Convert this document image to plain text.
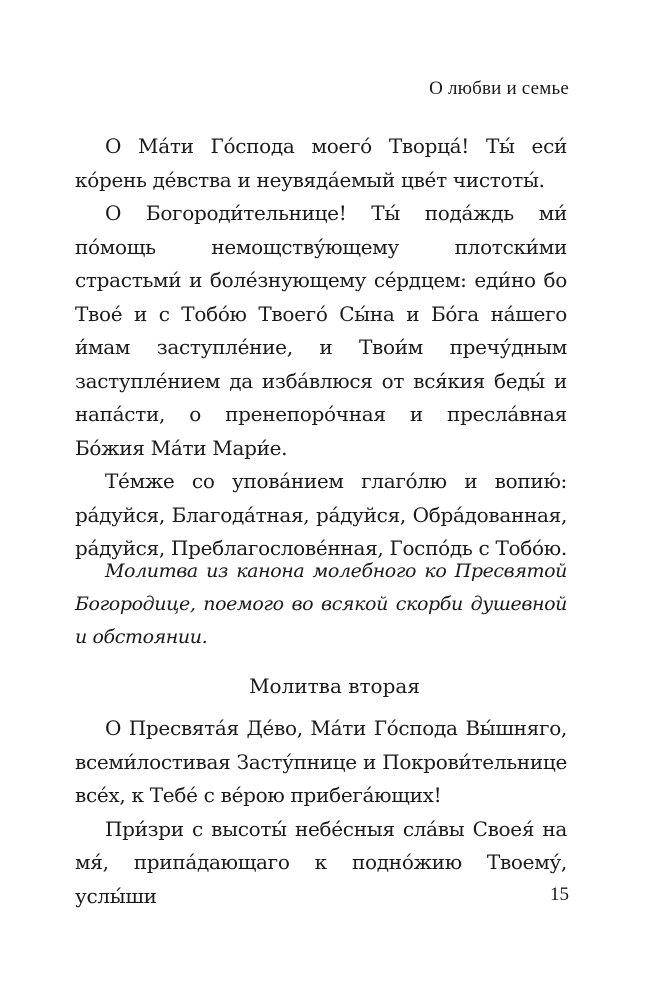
О любви и семье

О Ма́ти Го́спода моего́ Творца́! Ты́ еси́ ко́рень де́вства и неувяда́емый цве́т чистоты́.

О Богороди́тельнице! Ты́ пода́ждь ми́ по́мощь немощству́ющему плотски́ми страстьми́ и боле́знующему се́рдцем: еди́но бо Твое́ и с Тобо́ю Твоего́ Сы́на и Бо́га на́шего и́мам заступле́ние, и Твои́м пречу́дным заступле́нием да изба́влюся от вся́кия беды́ и напа́сти, о пренепоро́чная и пресла́вная Бо́жия Ма́ти Мари́е.

Те́мже со упова́нием глаго́лю и вопию́: ра́дуйся, Благода́тная, ра́дуйся, Обра́дованная, ра́дуйся, Преблагослове́нная, Госпо́дь с Тобо́ю.

Молитва из канона молебного ко Пресвятой Богородице, поемого во всякой скорби душевной и обстоянии.

Молитва вторая

О Пресвята́я Де́во, Ма́ти Го́спода Вы́шняго, всеми́лостивая Засту́пнице и Покрови́тельнице все́х, к Тебе́ с ве́рою прибега́ющих!

При́зри с высоты́ небе́сныя сла́вы Своея́ на мя́, припа́дающаго к подно́жию Твоему́, услы́ши	15
